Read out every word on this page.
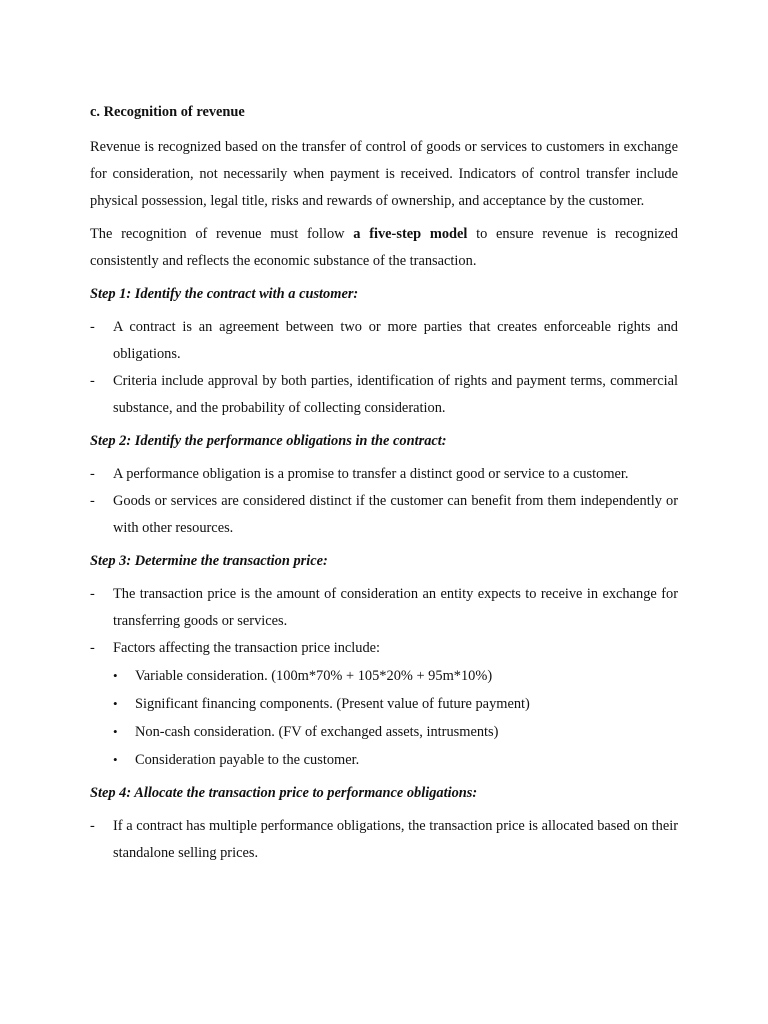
c. Recognition of revenue

Revenue is recognized based on the transfer of control of goods or services to customers in exchange for consideration, not necessarily when payment is received. Indicators of control transfer include physical possession, legal title, risks and rewards of ownership, and acceptance by the customer.

The recognition of revenue must follow a five-step model to ensure revenue is recognized consistently and reflects the economic substance of the transaction.

Step 1: Identify the contract with a customer:

- A contract is an agreement between two or more parties that creates enforceable rights and obligations.
- Criteria include approval by both parties, identification of rights and payment terms, commercial substance, and the probability of collecting consideration.

Step 2: Identify the performance obligations in the contract:

- A performance obligation is a promise to transfer a distinct good or service to a customer.
- Goods or services are considered distinct if the customer can benefit from them independently or with other resources.

Step 3: Determine the transaction price:

- The transaction price is the amount of consideration an entity expects to receive in exchange for transferring goods or services.
- Factors affecting the transaction price include:
• Variable consideration. (100m*70% + 105*20% + 95m*10%)
• Significant financing components. (Present value of future payment)
• Non-cash consideration. (FV of exchanged assets, intrusments)
• Consideration payable to the customer.

Step 4: Allocate the transaction price to performance obligations:

- If a contract has multiple performance obligations, the transaction price is allocated based on their standalone selling prices.
